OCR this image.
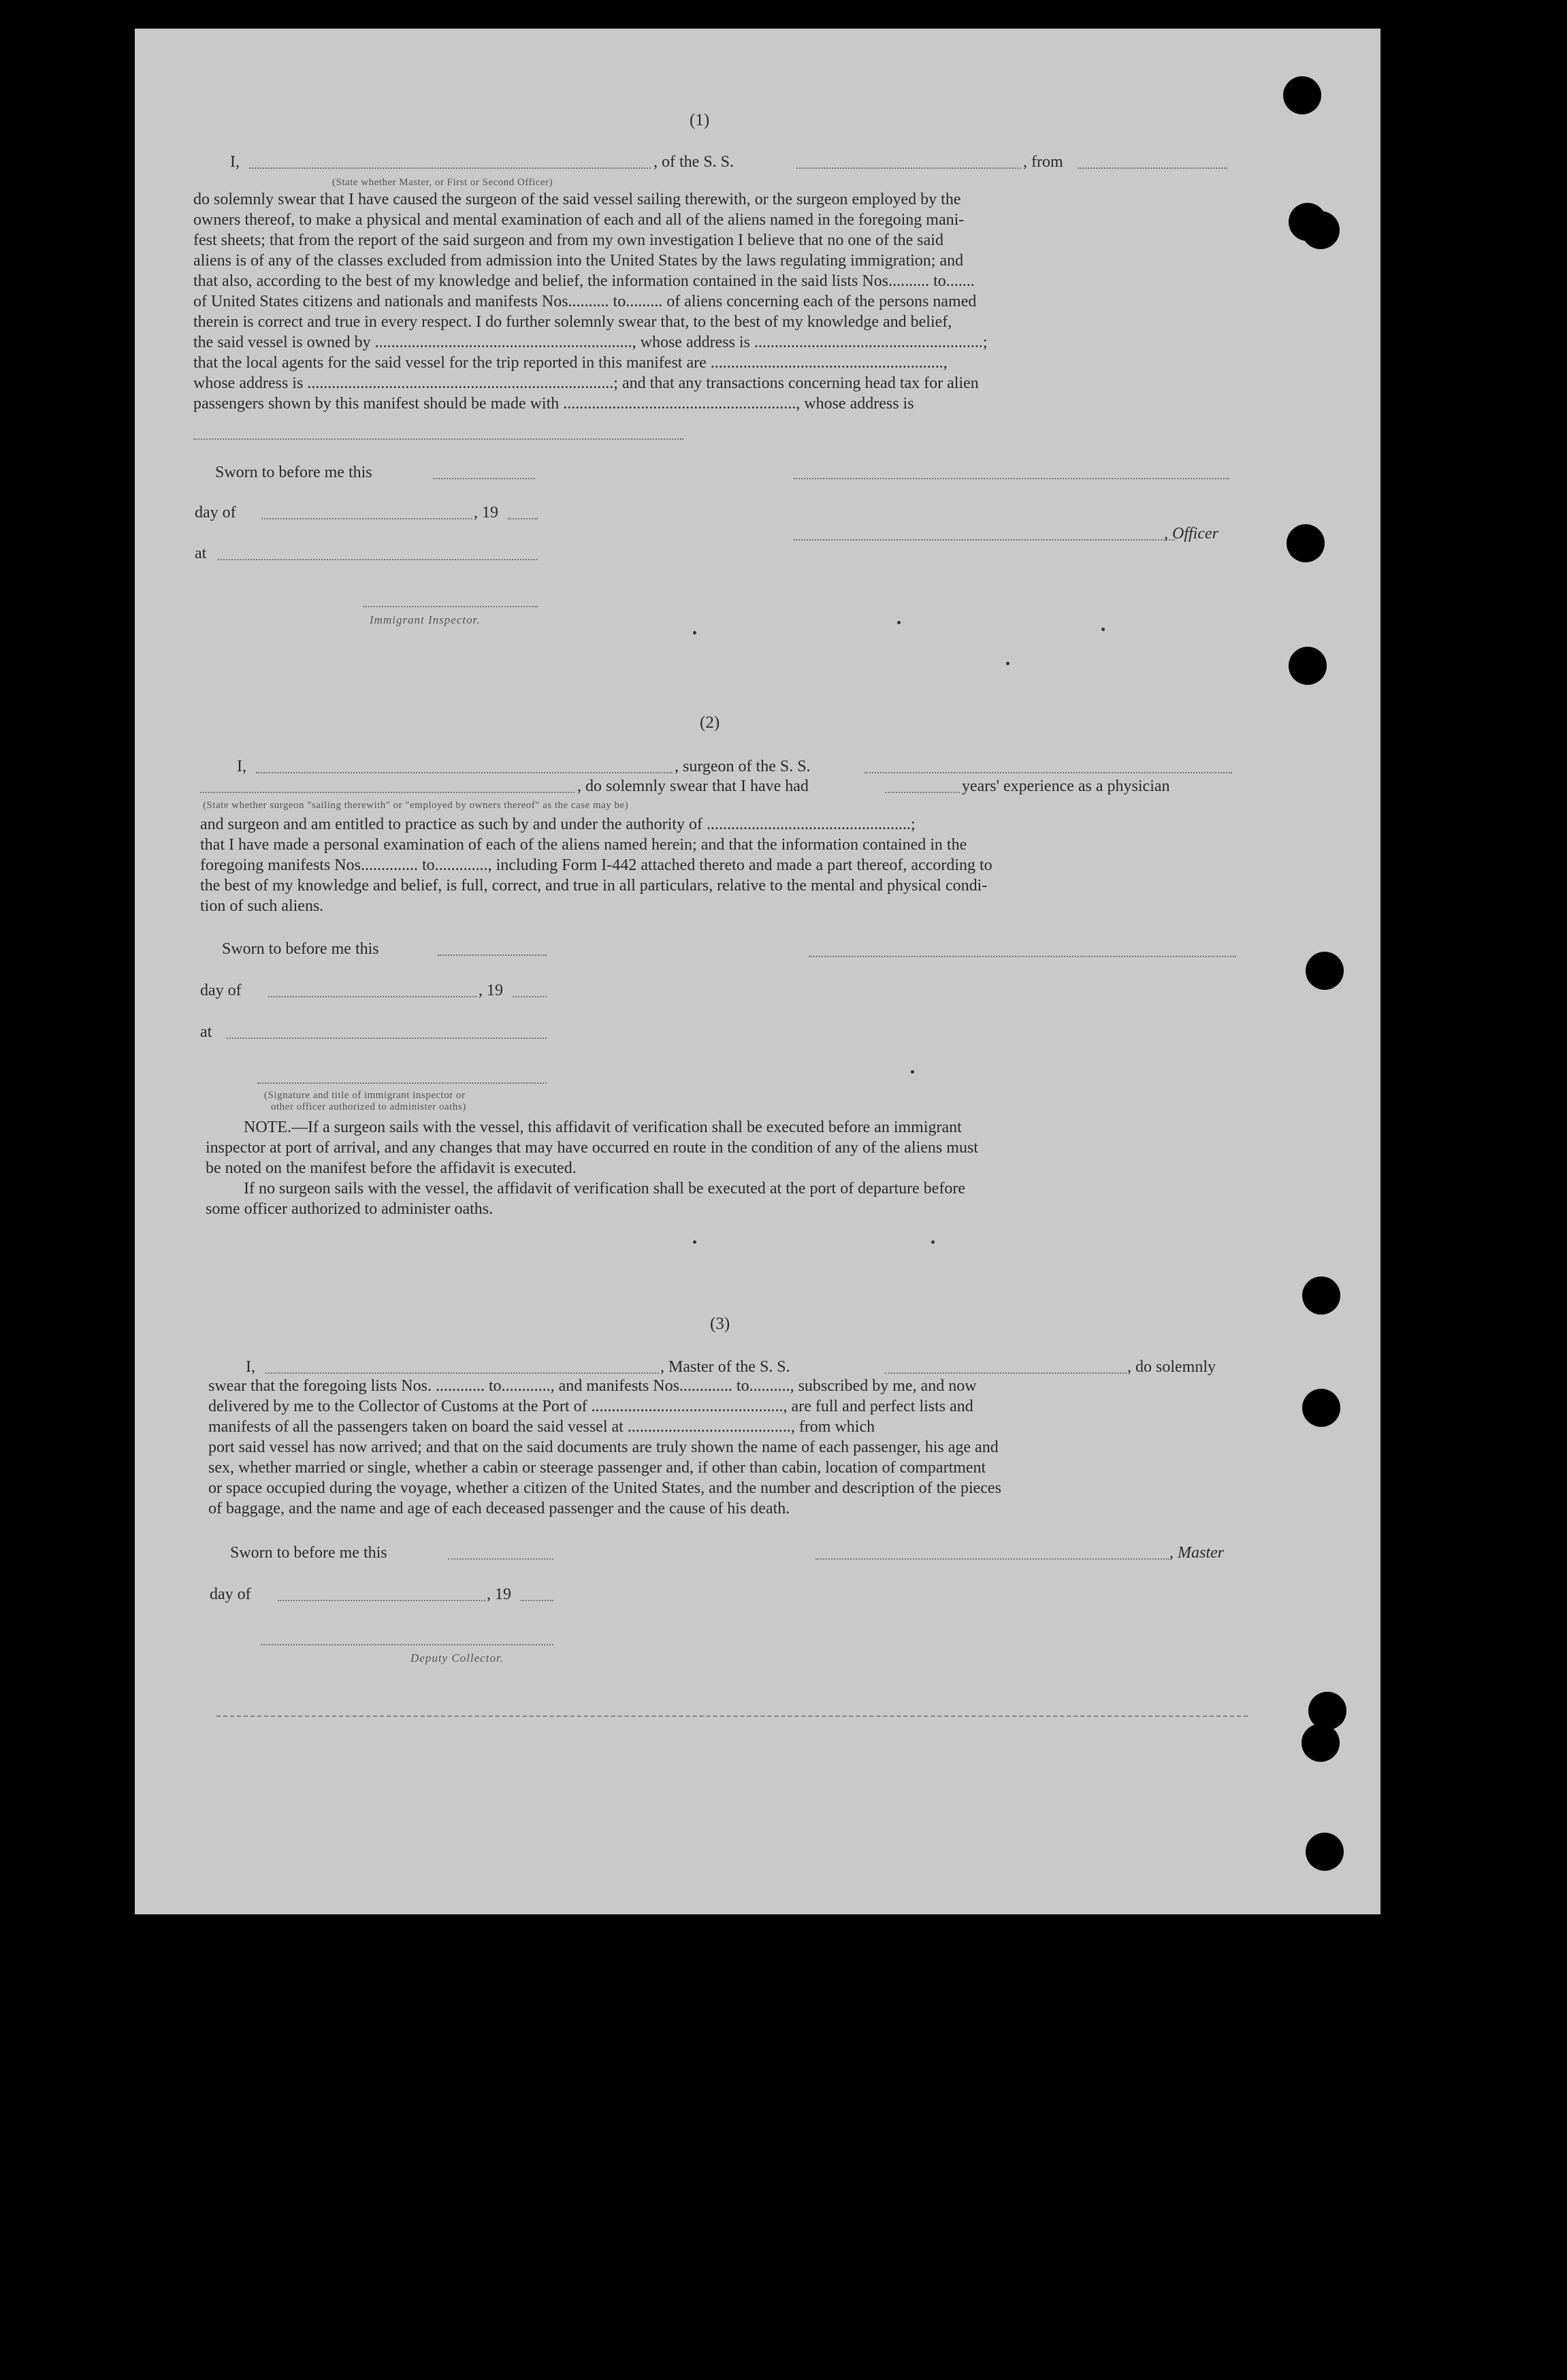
(1)
I,	, of the S. S.	, from
(State whether Master, or First or Second Officer)
do solemnly swear that I have caused the surgeon of the said vessel sailing therewith, or the surgeon employed by the
owners thereof, to make a physical and mental examination of each and all of the aliens named in the foregoing mani-
fest sheets; that from the report of the said surgeon and from my own investigation I believe that no one of the said
aliens is of any of the classes excluded from admission into the United States by the laws regulating immigration; and
that also, according to the best of my knowledge and belief, the information contained in the said lists Nos.......... to.......
of United States citizens and nationals and manifests Nos.......... to......... of aliens concerning each of the persons named
therein is correct and true in every respect. I do further solemnly swear that, to the best of my knowledge and belief,
the said vessel is owned by ..............................................................., whose address is ........................................................;
that the local agents for the said vessel for the trip reported in this manifest are .........................................................,
whose address is ...........................................................................; and that any transactions concerning head tax for alien
passengers shown by this manifest should be made with ........................................................., whose address is
Sworn to before me this
day of	, 19
, Officer
at
Immigrant Inspector.
(2)
I,	, surgeon of the S. S.
, do solemnly swear that I have had	years' experience as a physician
(State whether surgeon "sailing therewith" or "employed by owners thereof" as the case may be)
and surgeon and am entitled to practice as such by and under the authority of ..................................................;
that I have made a personal examination of each of the aliens named herein; and that the information contained in the
foregoing manifests Nos.............. to............., including Form I-442 attached thereto and made a part thereof, according to
the best of my knowledge and belief, is full, correct, and true in all particulars, relative to the mental and physical condi-
tion of such aliens.
Sworn to before me this
day of	, 19
at
(Signature and title of immigrant inspector or
other officer authorized to administer oaths)
NOTE.—If a surgeon sails with the vessel, this affidavit of verification shall be executed before an immigrant
inspector at port of arrival, and any changes that may have occurred en route in the condition of any of the aliens must
be noted on the manifest before the affidavit is executed.
If no surgeon sails with the vessel, the affidavit of verification shall be executed at the port of departure before
some officer authorized to administer oaths.
(3)
I,	, Master of the S. S.	, do solemnly
swear that the foregoing lists Nos. ............ to............, and manifests Nos............. to.........., subscribed by me, and now
delivered by me to the Collector of Customs at the Port of ..............................................., are full and perfect lists and
manifests of all the passengers taken on board the said vessel at ........................................, from which
port said vessel has now arrived; and that on the said documents are truly shown the name of each passenger, his age and
sex, whether married or single, whether a cabin or steerage passenger and, if other than cabin, location of compartment
or space occupied during the voyage, whether a citizen of the United States, and the number and description of the pieces
of baggage, and the name and age of each deceased passenger and the cause of his death.
Sworn to before me this	, Master
day of	, 19
Deputy Collector.
